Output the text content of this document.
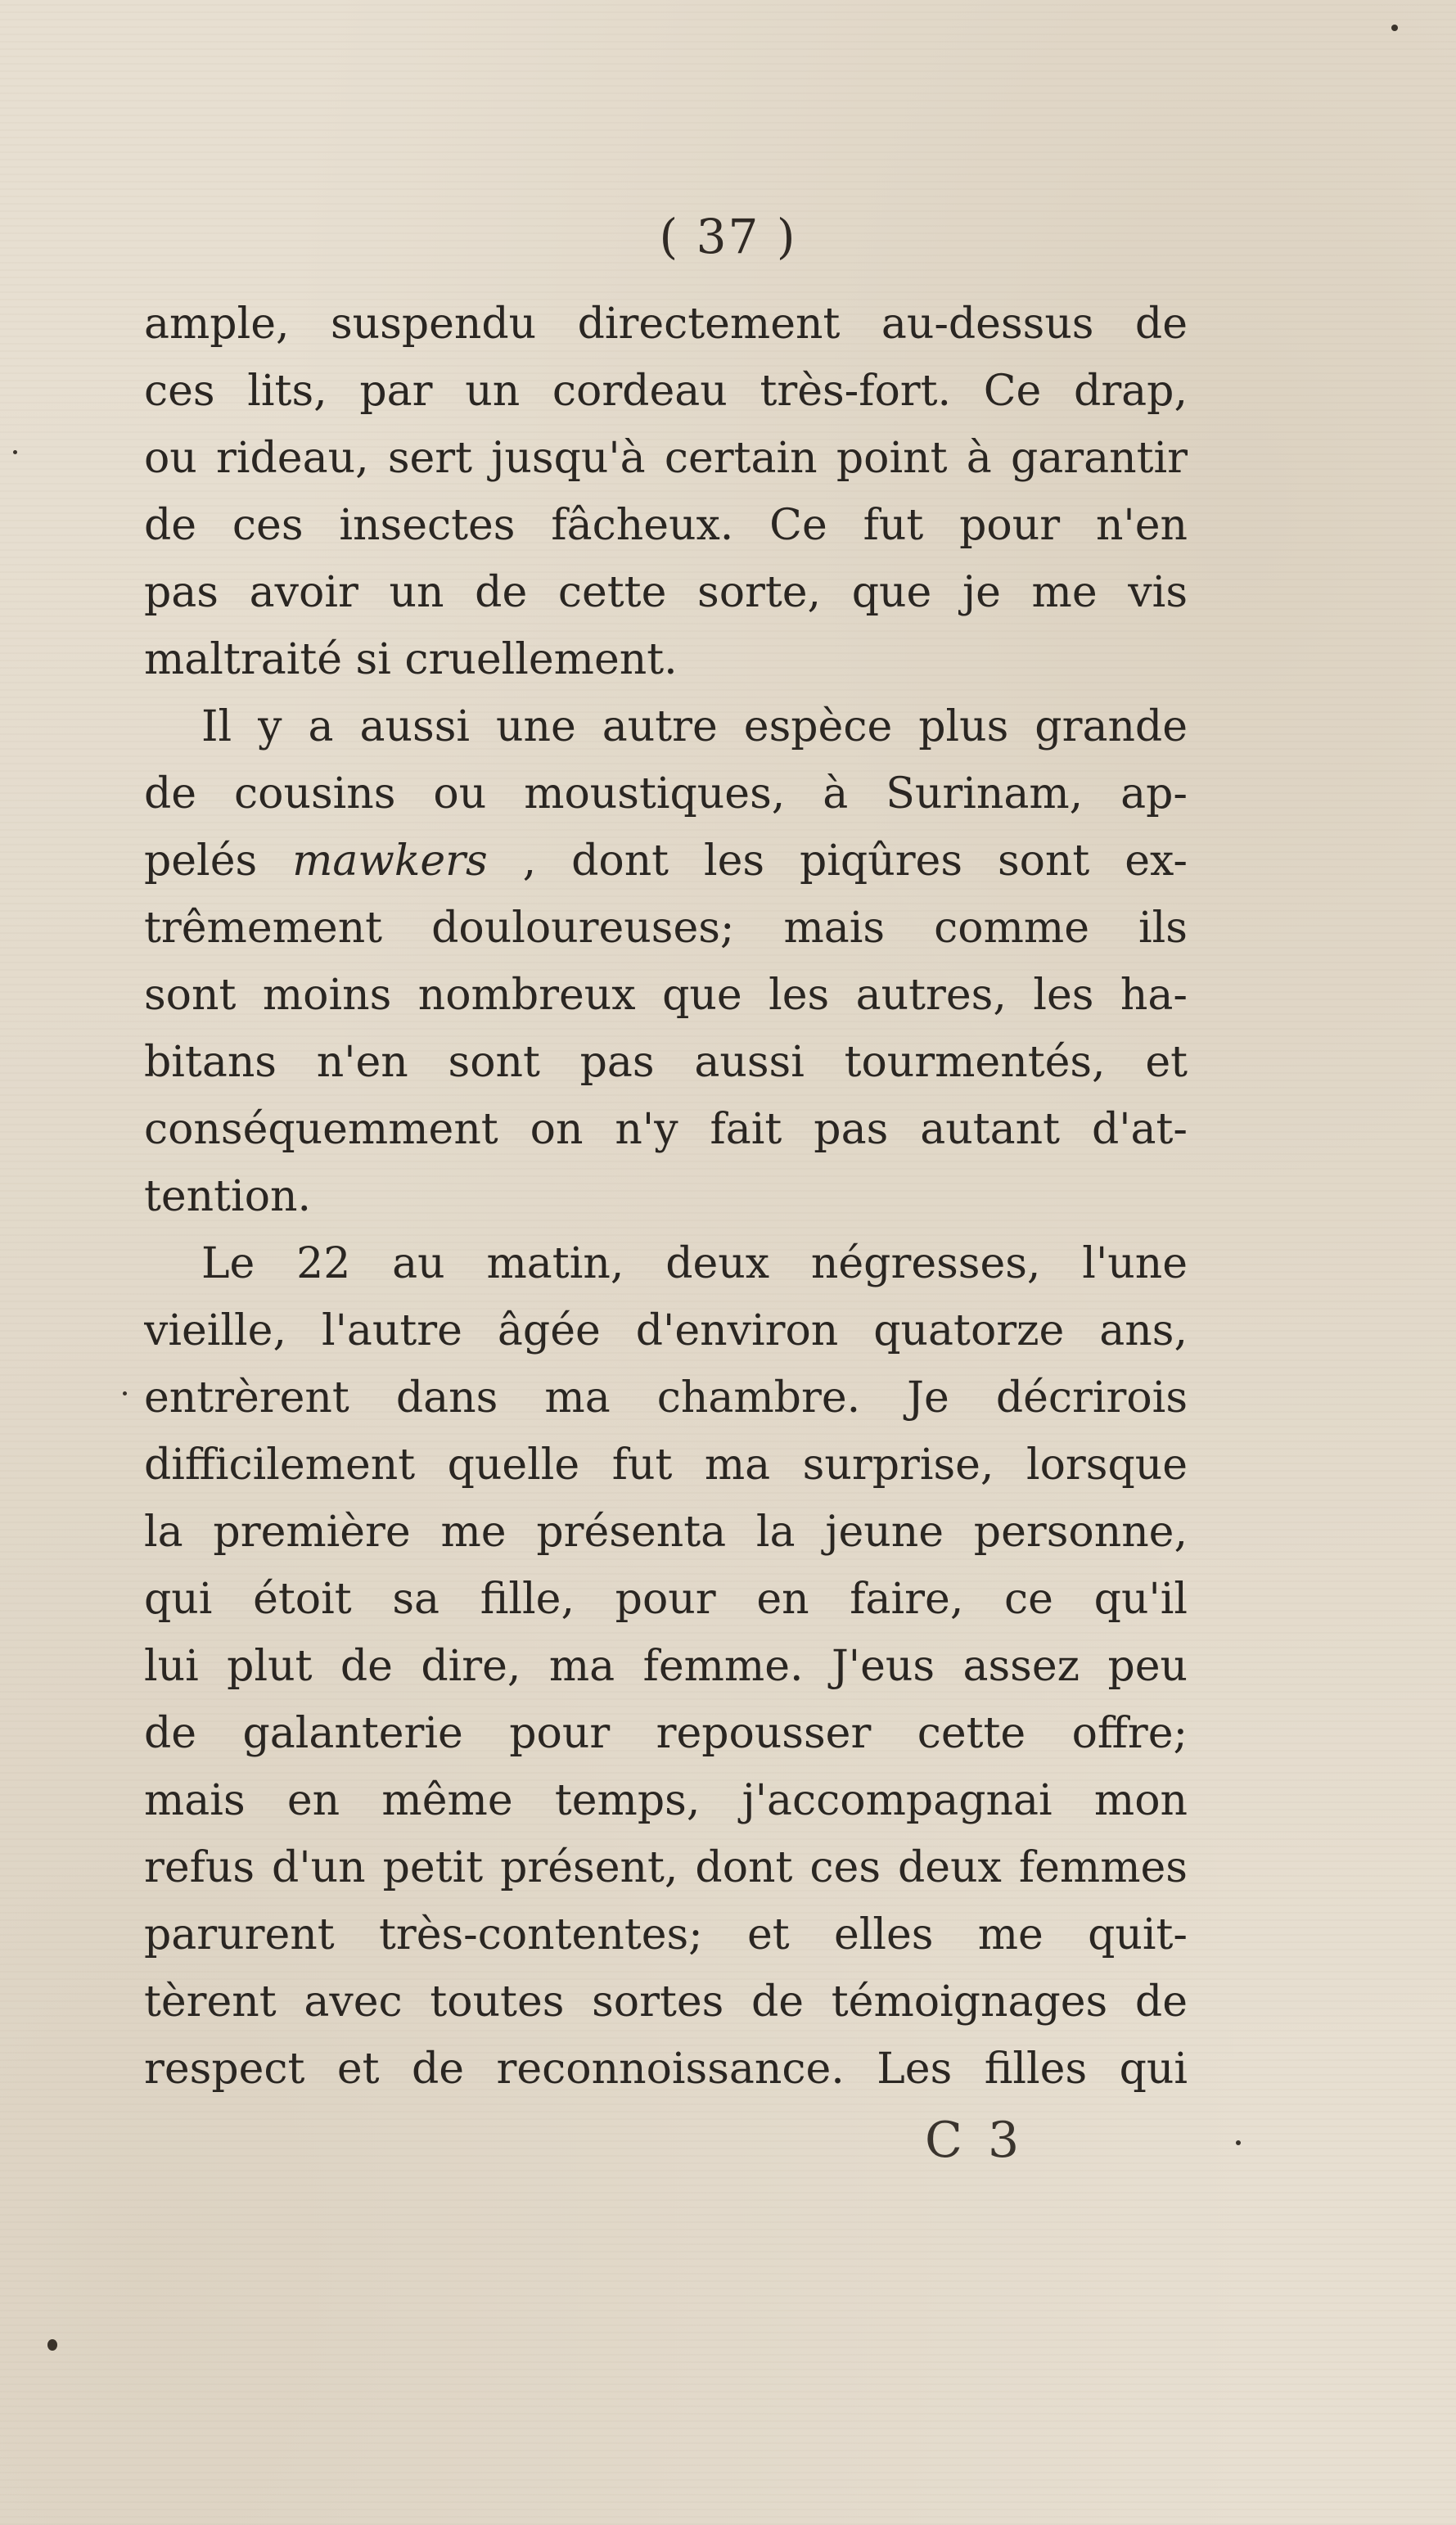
( 37 )
ample, suspendu directement au-dessus de
ces lits, par un cordeau très-fort. Ce drap,
ou rideau, sert jusqu'à certain point à garantir
de ces insectes fâcheux. Ce fut pour n'en
pas avoir un de cette sorte, que je me vis
maltraité si cruellement.
Il y a aussi une autre espèce plus grande
de cousins ou moustiques, à Surinam, ap-
pelés mawkers , dont les piqûres sont ex-
trêmement douloureuses; mais comme ils
sont moins nombreux que les autres, les ha-
bitans n'en sont pas aussi tourmentés, et
conséquemment on n'y fait pas autant d'at-
tention.
Le 22 au matin, deux négresses, l'une
vieille, l'autre âgée d'environ quatorze ans,
entrèrent dans ma chambre. Je décrirois
difficilement quelle fut ma surprise, lorsque
la première me présenta la jeune personne,
qui étoit sa fille, pour en faire, ce qu'il
lui plut de dire, ma femme. J'eus assez peu
de galanterie pour repousser cette offre;
mais en même temps, j'accompagnai mon
refus d'un petit présent, dont ces deux femmes
parurent très-contentes; et elles me quit-
tèrent avec toutes sortes de témoignages de
respect et de reconnoissance. Les filles qui
C 3
